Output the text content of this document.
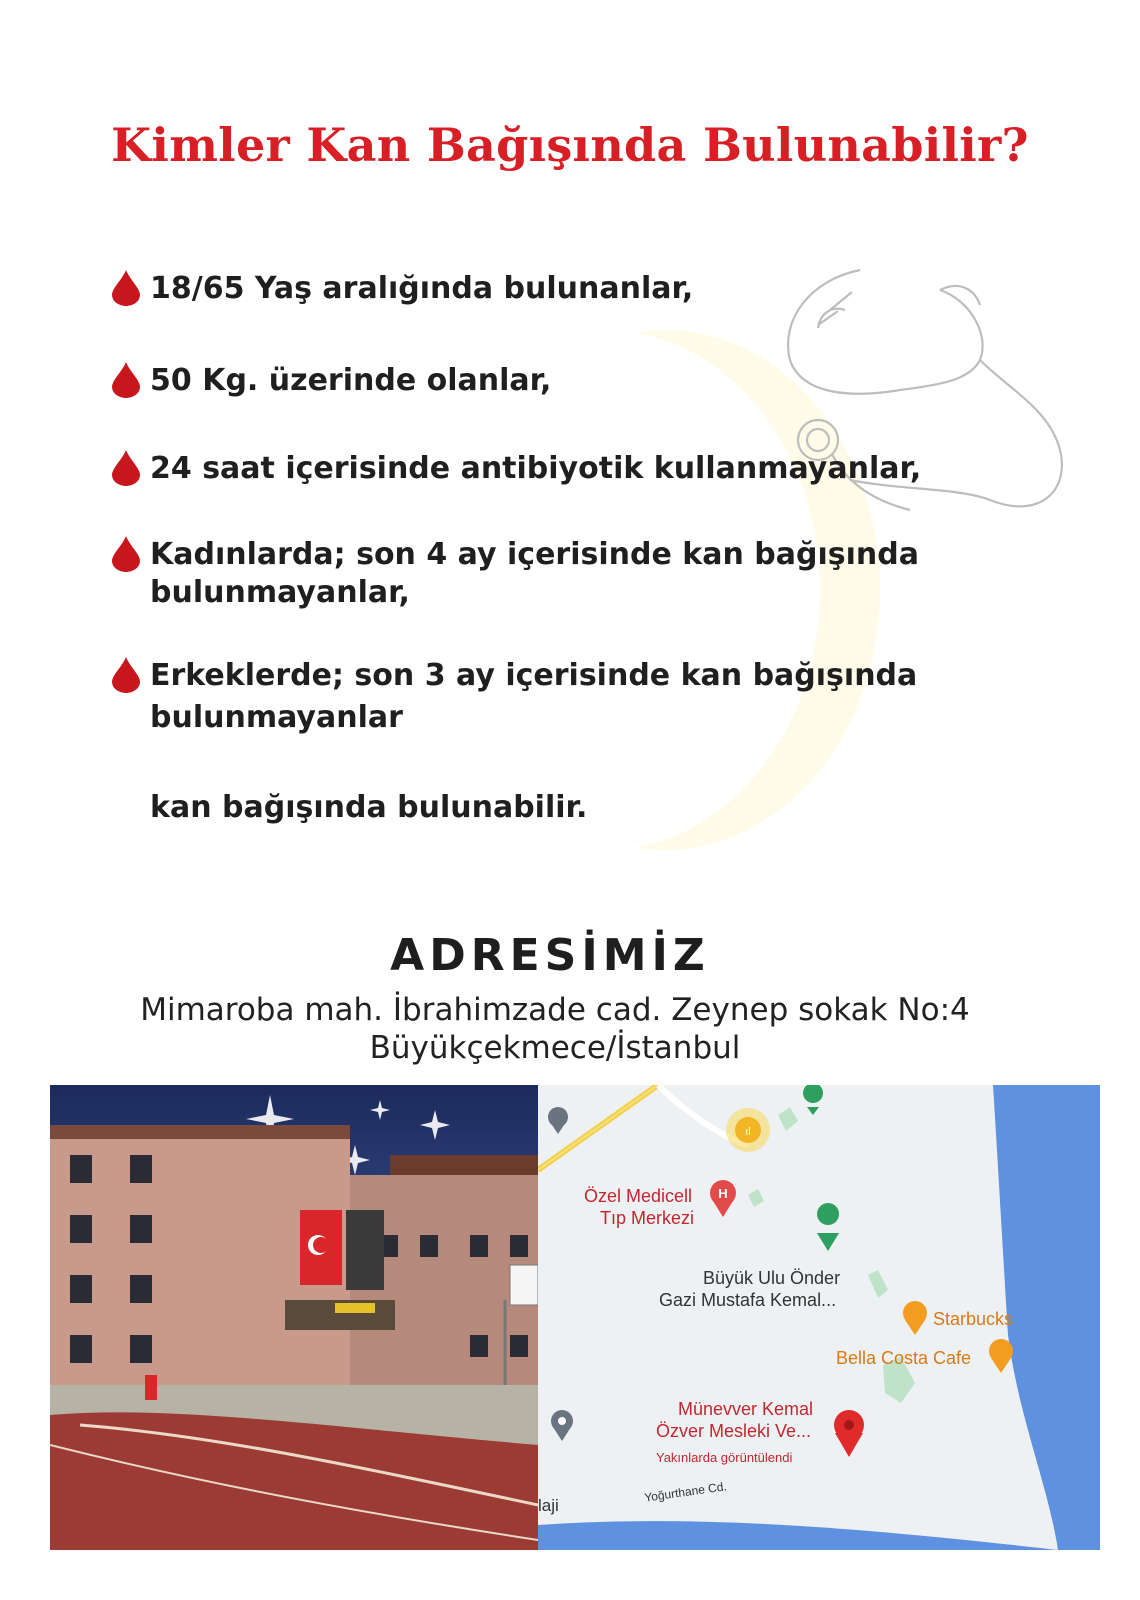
Kimler Kan Bağışında Bulunabilir?
18/65 Yaş aralığında bulunanlar,
50 Kg. üzerinde olanlar,
24 saat içerisinde antibiyotik kullanmayanlar,
Kadınlarda; son 4 ay içerisinde kan bağışında
bulunmayanlar,
Erkeklerde; son 3 ay içerisinde kan bağışında
bulunmayanlar
kan bağışında bulunabilir.
ADRESİMİZ
Mimaroba mah. İbrahimzade cad. Zeynep sokak No:4
Büyükçekmece/İstanbul
ıl
H
Özel Medicell
Tıp Merkezi
Büyük Ulu Önder
Gazi Mustafa Kemal...
Starbucks
Bella Costa Cafe
Münevver Kemal
Özver Mesleki Ve...
Yakınlarda görüntülendi
Yoğurthane Cd.
laji
